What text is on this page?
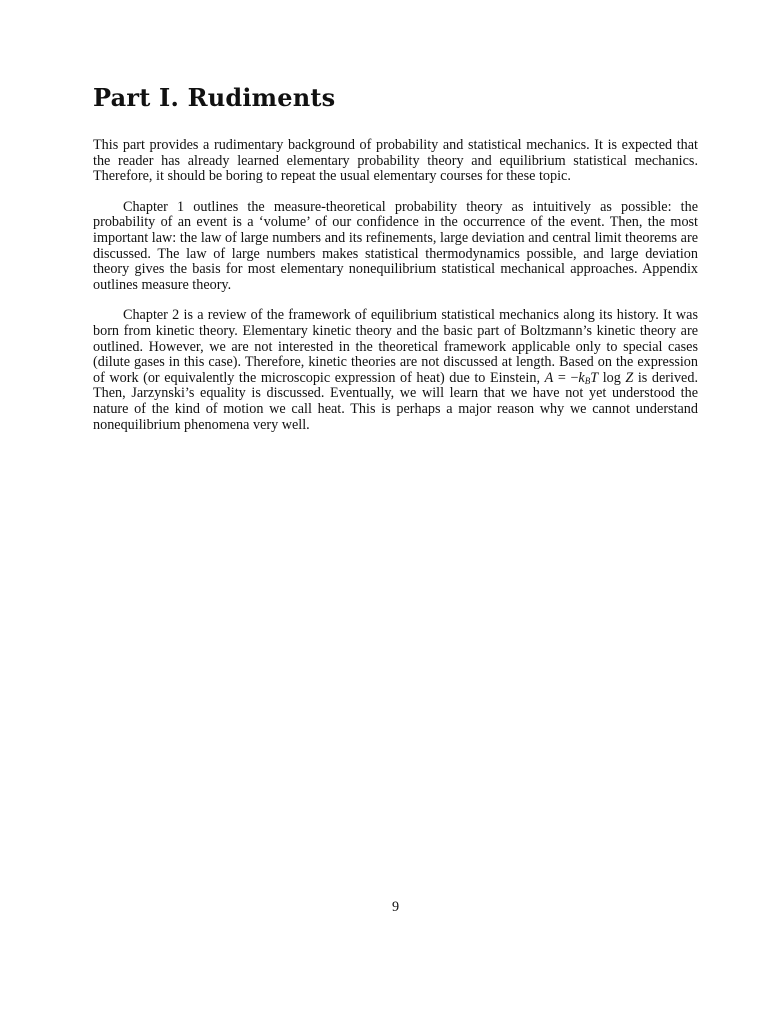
Part I. Rudiments

This part provides a rudimentary background of probability and statistical mechanics. It is expected that the reader has already learned elementary probability theory and equilibrium statistical mechanics. Therefore, it should be boring to repeat the usual elementary courses for these topic.

Chapter 1 outlines the measure-theoretical probability theory as intuitively as possible: the probability of an event is a ‘volume’ of our confidence in the occurrence of the event. Then, the most important law: the law of large numbers and its refinements, large deviation and central limit theorems are discussed. The law of large numbers makes statistical thermodynamics possible, and large deviation theory gives the basis for most elementary nonequilibrium statistical mechanical approaches. Appendix outlines measure theory.

Chapter 2 is a review of the framework of equilibrium statistical mechanics along its history. It was born from kinetic theory. Elementary kinetic theory and the basic part of Boltzmann’s kinetic theory are outlined. However, we are not interested in the theoretical framework applicable only to special cases (dilute gases in this case). Therefore, kinetic theories are not discussed at length. Based on the expression of work (or equivalently the microscopic expression of heat) due to Einstein, $A = -k_BT$ log Z is derived. Then, Jarzynski’s equality is discussed. Eventually, we will learn that we have not yet understood the nature of the kind of motion we call heat. This is perhaps a major reason why we cannot understand nonequilibrium phenomena very well.

9
